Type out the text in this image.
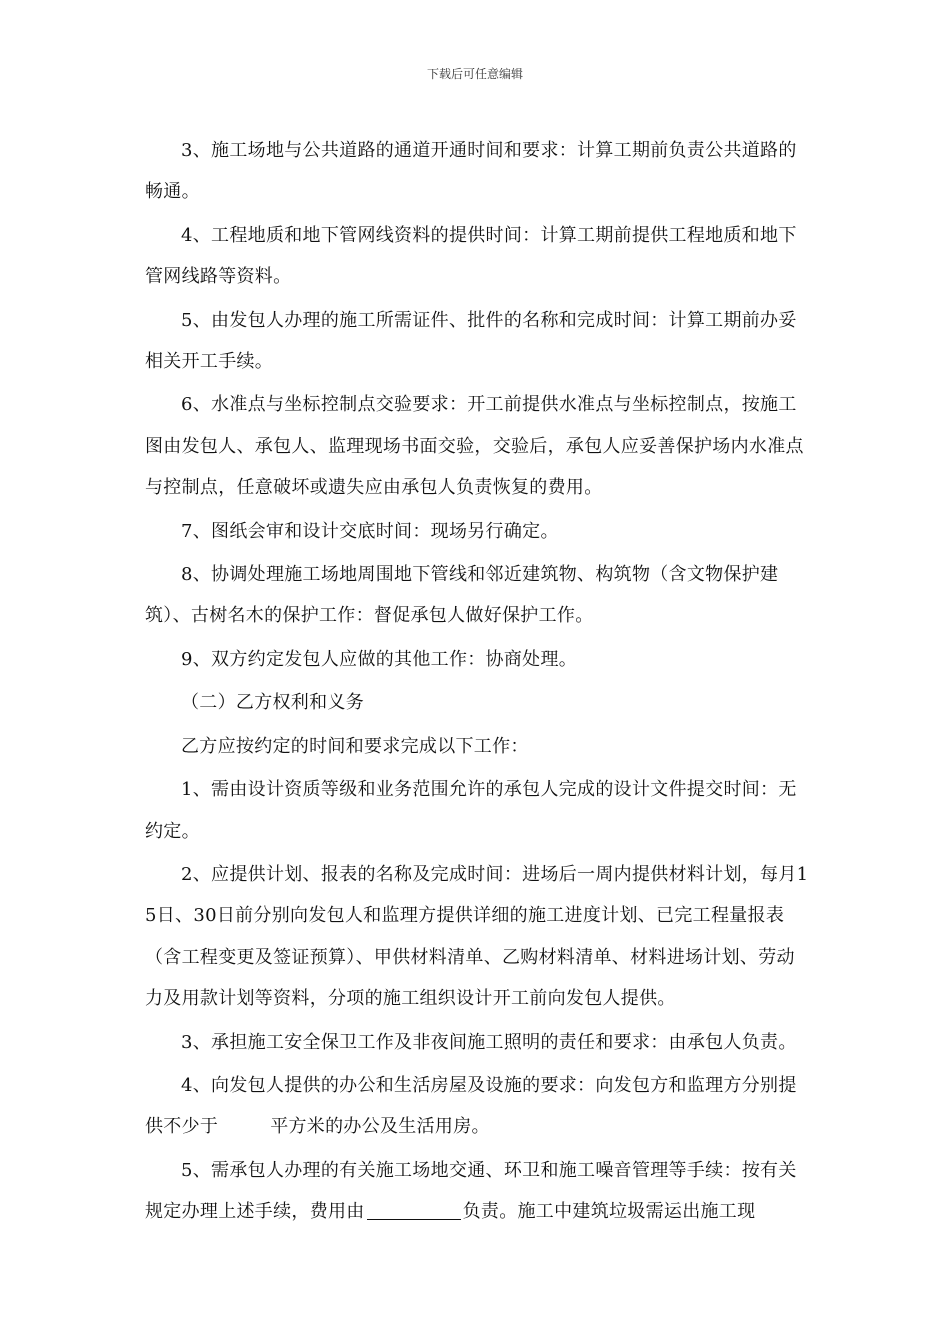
下载后可任意编辑

3、施工场地与公共道路的通道开通时间和要求：计算工期前负责公共道路的畅通。

4、工程地质和地下管网线资料的提供时间：计算工期前提供工程地质和地下管网线路等资料。

5、由发包人办理的施工所需证件、批件的名称和完成时间：计算工期前办妥相关开工手续。

6、水准点与坐标控制点交验要求：开工前提供水准点与坐标控制点，按施工图由发包人、承包人、监理现场书面交验，交验后，承包人应妥善保护场内水准点与控制点，任意破坏或遗失应由承包人负责恢复的费用。

7、图纸会审和设计交底时间：现场另行确定。

8、协调处理施工场地周围地下管线和邻近建筑物、构筑物（含文物保护建筑）、古树名木的保护工作：督促承包人做好保护工作。

9、双方约定发包人应做的其他工作：协商处理。

（二）乙方权利和义务

乙方应按约定的时间和要求完成以下工作：

1、需由设计资质等级和业务范围允许的承包人完成的设计文件提交时间：无约定。

2、应提供计划、报表的名称及完成时间：进场后一周内提供材料计划，每月15日、30日前分别向发包人和监理方提供详细的施工进度计划、已完工程量报表（含工程变更及签证预算）、甲供材料清单、乙购材料清单、材料进场计划、劳动力及用款计划等资料，分项的施工组织设计开工前向发包人提供。

3、承担施工安全保卫工作及非夜间施工照明的责任和要求：由承包人负责。

4、向发包人提供的办公和生活房屋及设施的要求：向发包方和监理方分别提供不少于	平方米的办公及生活用房。

5、需承包人办理的有关施工场地交通、环卫和施工噪音管理等手续：按有关规定办理上述手续，费用由	负责。施工中建筑垃圾需运出施工现
